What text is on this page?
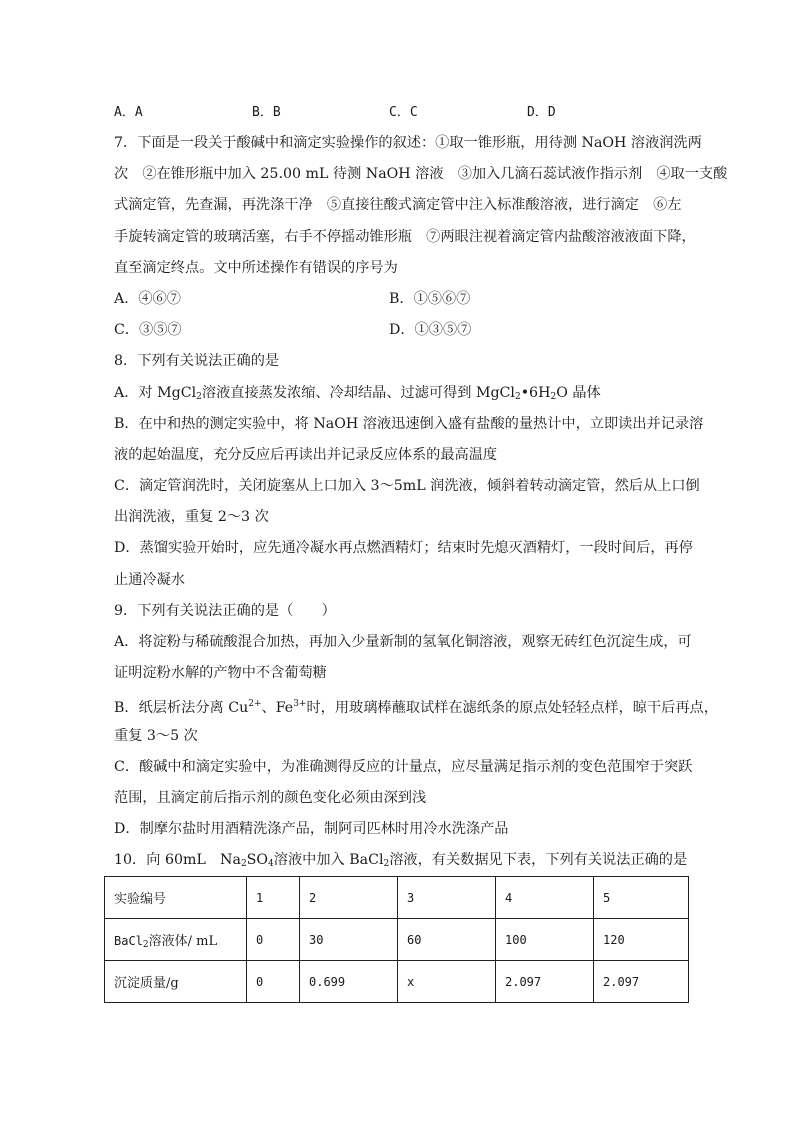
A．A	B．B	C．C	D．D
7．下面是一段关于酸碱中和滴定实验操作的叙述：①取一锥形瓶，用待测 NaOH 溶液润洗两
次　②在锥形瓶中加入 25.00 mL 待测 NaOH 溶液　③加入几滴石蕊试液作指示剂　④取一支酸
式滴定管，先查漏，再洗涤干净　⑤直接往酸式滴定管中注入标准酸溶液，进行滴定　⑥左
手旋转滴定管的玻璃活塞，右手不停摇动锥形瓶　⑦两眼注视着滴定管内盐酸溶液液面下降，
直至滴定终点。文中所述操作有错误的序号为
A．④⑥⑦	B．①⑤⑥⑦
C．③⑤⑦	D．①③⑤⑦
8．下列有关说法正确的是
A．对 MgCl$_2$溶液直接蒸发浓缩、冷却结晶、过滤可得到 $MgCl_2•6H_2O$ 晶体
B．在中和热的测定实验中，将 NaOH 溶液迅速倒入盛有盐酸的量热计中，立即读出并记录溶
液的起始温度，充分反应后再读出并记录反应体系的最高温度
C．滴定管润洗时，关闭旋塞从上口加入 3～5mL 润洗液，倾斜着转动滴定管，然后从上口倒
出润洗液，重复 2～3 次
D．蒸馏实验开始时，应先通冷凝水再点燃酒精灯；结束时先熄灭酒精灯，一段时间后，再停
止通冷凝水
9．下列有关说法正确的是（　　）
A．将淀粉与稀硫酸混合加热，再加入少量新制的氢氧化铜溶液，观察无砖红色沉淀生成，可
证明淀粉水解的产物中不含葡萄糖
B．纸层析法分离 $Cu^{2+}$、$Fe^{3+}$时，用玻璃棒蘸取试样在滤纸条的原点处轻轻点样，晾干后再点，
重复 3～5 次
C．酸碱中和滴定实验中，为准确测得反应的计量点，应尽量满足指示剂的变色范围窄于突跃
范围，且滴定前后指示剂的颜色变化必须由深到浅
D．制摩尔盐时用酒精洗涤产品，制阿司匹林时用冷水洗涤产品
10．向 60mL　$Na_2SO_4$溶液中加入 BaCl$_2$溶液，有关数据见下表，下列有关说法正确的是
实验编号	1	2	3	4	5
BaCl$_2$溶液体/ mL	0	30	60	100	120
沉淀质量/g	0	0.699	x	2.097	2.097
